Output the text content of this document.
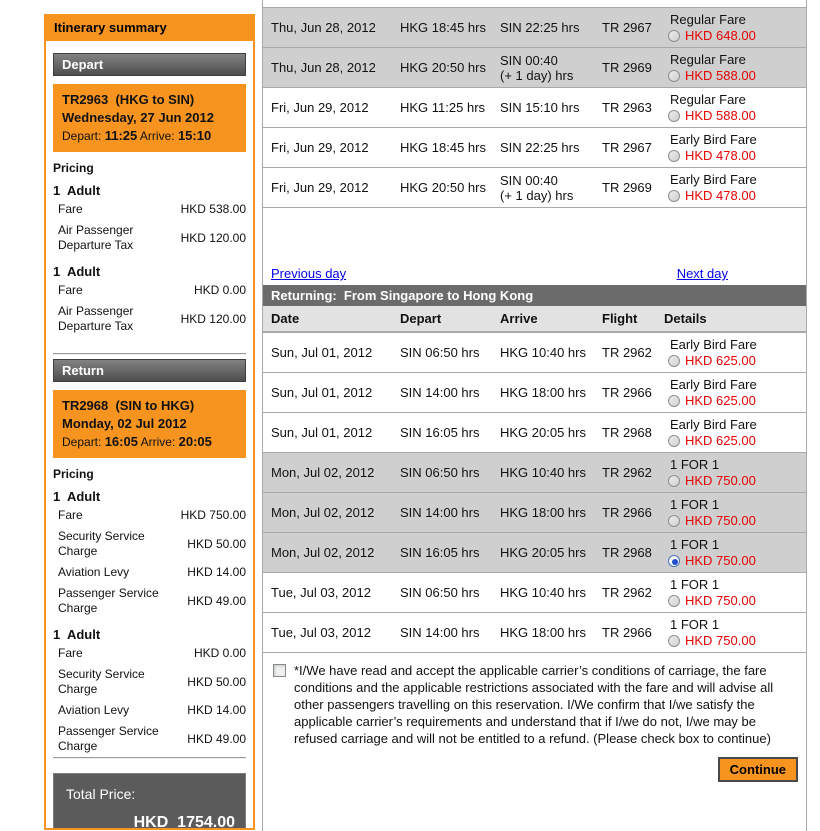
Itinerary summary
Depart
TR2963  (HKG to SIN)
Wednesday, 27 Jun 2012
Depart: 11:25 Arrive: 15:10
Pricing
1  Adult
Fare	HKD 538.00
Air Passenger Departure Tax
HKD 120.00
1  Adult
Fare	HKD 0.00
Air Passenger Departure Tax
HKD 120.00
Return
TR2968  (SIN to HKG)
Monday, 02 Jul 2012
Depart: 16:05 Arrive: 20:05
Pricing
1  Adult
Fare	HKD 750.00
Security Service Charge
HKD 50.00
Aviation Levy	HKD 14.00
Passenger Service Charge
HKD 49.00
1  Adult
Fare	HKD 0.00
Security Service Charge
HKD 50.00
Aviation Levy	HKD 14.00
Passenger Service Charge
HKD 49.00
Total Price:
HKD  1754.00
Thu, Jun 28, 2012	HKG 18:45 hrs	SIN 22:25 hrs	TR 2967	Regular Fare
HKD 648.00

Thu, Jun 28, 2012	HKG 20:50 hrs	SIN 00:40
(+ 1 day) hrs	TR 2969	
Regular Fare
HKD 588.00

Fri, Jun 29, 2012	HKG 11:25 hrs	SIN 15:10 hrs	TR 2963	Regular Fare
HKD 588.00

Fri, Jun 29, 2012	HKG 18:45 hrs	SIN 22:25 hrs	TR 2967	Early Bird Fare
HKD 478.00

Fri, Jun 29, 2012	HKG 20:50 hrs	SIN 00:40
(+ 1 day) hrs	TR 2969	
Early Bird Fare
HKD 478.00
Previous day	Next day
Returning:  From Singapore to Hong Kong
Date	Depart	Arrive	Flight	Details
Sun, Jul 01, 2012	SIN 06:50 hrs	HKG 10:40 hrs	TR 2962	Early Bird Fare
HKD 625.00

Sun, Jul 01, 2012	SIN 14:00 hrs	HKG 18:00 hrs	TR 2966	Early Bird Fare
HKD 625.00

Sun, Jul 01, 2012	SIN 16:05 hrs	HKG 20:05 hrs	TR 2968	Early Bird Fare
HKD 625.00

Mon, Jul 02, 2012	SIN 06:50 hrs	HKG 10:40 hrs	TR 2962	1 FOR 1
HKD 750.00

Mon, Jul 02, 2012	SIN 14:00 hrs	HKG 18:00 hrs	TR 2966	1 FOR 1
HKD 750.00

Mon, Jul 02, 2012	SIN 16:05 hrs	HKG 20:05 hrs	TR 2968	1 FOR 1
HKD 750.00

Tue, Jul 03, 2012	SIN 06:50 hrs	HKG 10:40 hrs	TR 2962	1 FOR 1
HKD 750.00

Tue, Jul 03, 2012	SIN 14:00 hrs	HKG 18:00 hrs	TR 2966	1 FOR 1
HKD 750.00
*I/We have read and accept the applicable carrier’s conditions of carriage, the fare conditions and the applicable restrictions associated with the fare and will advise all other passengers travelling on this reservation. I/We confirm that I/we satisfy the applicable carrier’s requirements and understand that if I/we do not, I/we may be refused carriage and will not be entitled to a refund. (Please check box to continue)
Continue
